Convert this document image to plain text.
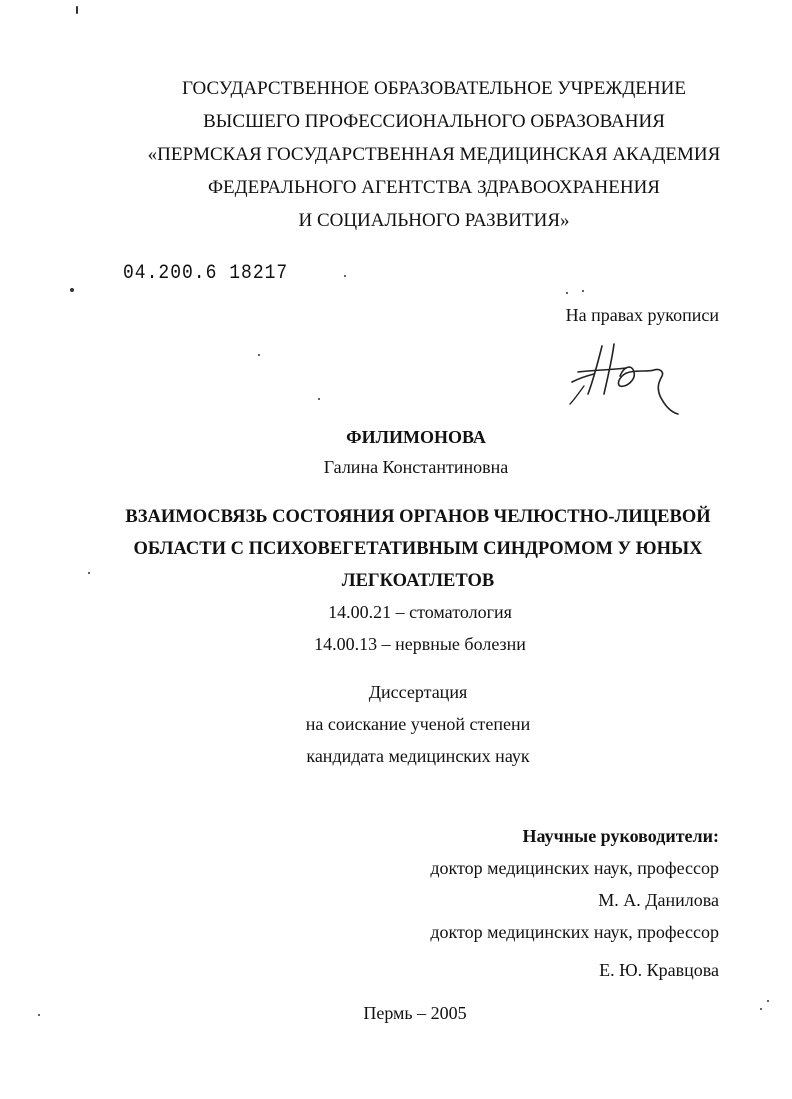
ГОСУДАРСТВЕННОЕ ОБРАЗОВАТЕЛЬНОЕ УЧРЕЖДЕНИЕ
ВЫСШЕГО ПРОФЕССИОНАЛЬНОГО ОБРАЗОВАНИЯ
«ПЕРМСКАЯ ГОСУДАРСТВЕННАЯ МЕДИЦИНСКАЯ АКАДЕМИЯ
ФЕДЕРАЛЬНОГО АГЕНТСТВА ЗДРАВООХРАНЕНИЯ
И СОЦИАЛЬНОГО РАЗВИТИЯ»
04.200.6 18217
На правах рукописи
ФИЛИМОНОВА
Галина Константиновна
ВЗАИМОСВЯЗЬ СОСТОЯНИЯ ОРГАНОВ ЧЕЛЮСТНО-ЛИЦЕВОЙ
ОБЛАСТИ С ПСИХОВЕГЕТАТИВНЫМ СИНДРОМОМ У ЮНЫХ
ЛЕГКОАТЛЕТОВ
14.00.21 – стоматология
14.00.13 – нервные болезни
Диссертация
на соискание ученой степени
кандидата медицинских наук
Научные руководители:
доктор медицинских наук, профессор
М. А. Данилова
доктор медицинских наук, профессор
Е. Ю. Кравцова
Пермь – 2005
